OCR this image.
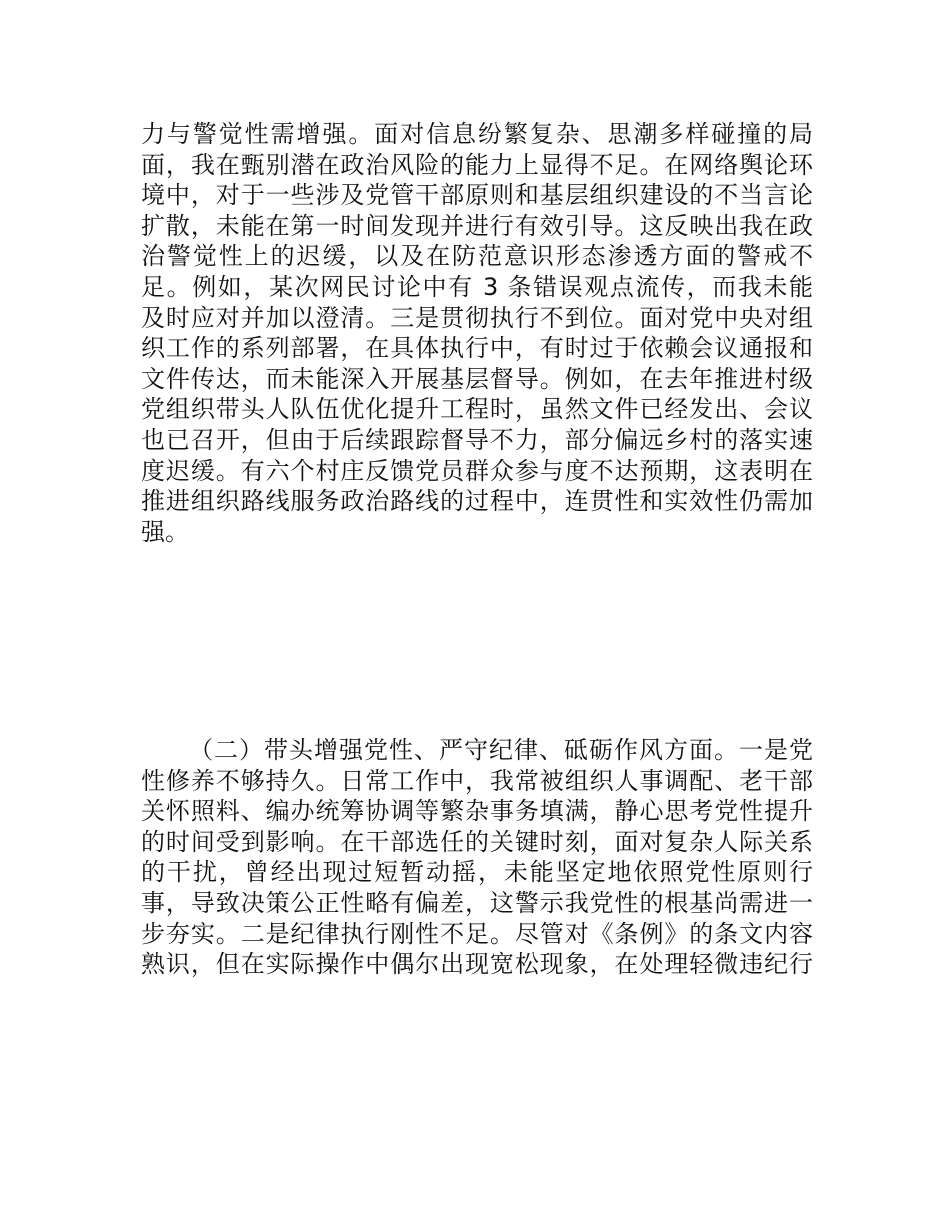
力与警觉性需增强。面对信息纷繁复杂、思潮多样碰撞的局
面，我在甄别潜在政治风险的能力上显得不足。在网络舆论环
境中，对于一些涉及党管干部原则和基层组织建设的不当言论
扩散，未能在第一时间发现并进行有效引导。这反映出我在政
治警觉性上的迟缓，以及在防范意识形态渗透方面的警戒不
足。例如，某次网民讨论中有 3 条错误观点流传，而我未能
及时应对并加以澄清。三是贯彻执行不到位。面对党中央对组
织工作的系列部署，在具体执行中，有时过于依赖会议通报和
文件传达，而未能深入开展基层督导。例如，在去年推进村级
党组织带头人队伍优化提升工程时，虽然文件已经发出、会议
也已召开，但由于后续跟踪督导不力，部分偏远乡村的落实速
度迟缓。有六个村庄反馈党员群众参与度不达预期，这表明在
推进组织路线服务政治路线的过程中，连贯性和实效性仍需加
强。
（二）带头增强党性、严守纪律、砥砺作风方面。一是党
性修养不够持久。日常工作中，我常被组织人事调配、老干部
关怀照料、编办统筹协调等繁杂事务填满，静心思考党性提升
的时间受到影响。在干部选任的关键时刻，面对复杂人际关系
的干扰，曾经出现过短暂动摇，未能坚定地依照党性原则行
事，导致决策公正性略有偏差，这警示我党性的根基尚需进一
步夯实。二是纪律执行刚性不足。尽管对《条例》的条文内容
熟识，但在实际操作中偶尔出现宽松现象，在处理轻微违纪行
